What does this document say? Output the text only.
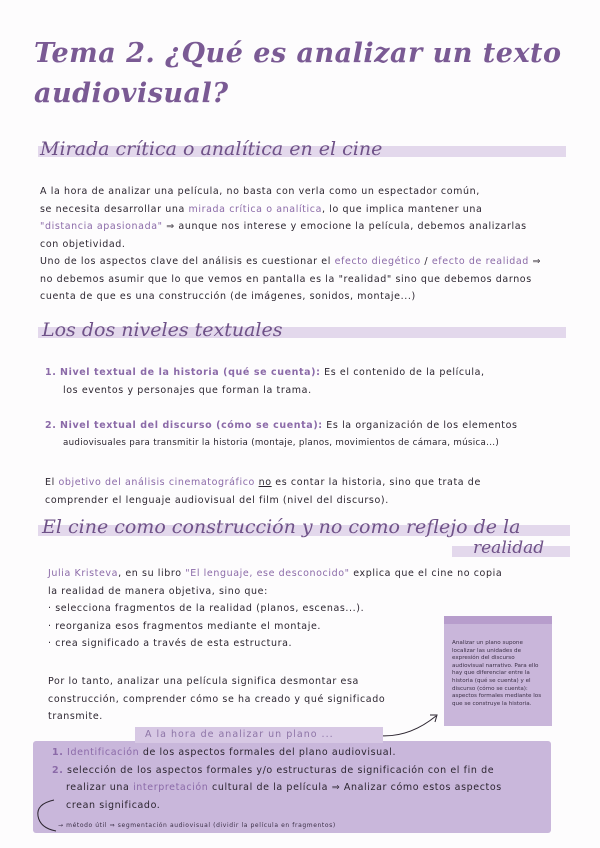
Tema 2. ¿Qué es analizar un texto
audiovisual?
Mirada crítica o analítica en el cine
A la hora de analizar una película, no basta con verla como un espectador común,
se necesita desarrollar una mirada crítica o analítica, lo que implica mantener una
"distancia apasionada" ⇒ aunque nos interese y emocione la película, debemos analizarlas
con objetividad.
Uno de los aspectos clave del análisis es cuestionar el efecto diegético / efecto de realidad ⇒
no debemos asumir que lo que vemos en pantalla es la "realidad" sino que debemos darnos
cuenta de que es una construcción (de imágenes, sonidos, montaje...)
Los dos niveles textuales
1. Nivel textual de la historia (qué se cuenta): Es el contenido de la película,
los eventos y personajes que forman la trama.
2. Nivel textual del discurso (cómo se cuenta): Es la organización de los elementos
audiovisuales para transmitir la historia (montaje, planos, movimientos de cámara, música...)
El objetivo del análisis cinematográfico no es contar la historia, sino que trata de
comprender el lenguaje audiovisual del film (nivel del discurso).
El cine como construcción y no como reflejo de la
realidad
Julia Kristeva, en su libro "El lenguaje, ese desconocido" explica que el cine no copia
la realidad de manera objetiva, sino que:
· selecciona fragmentos de la realidad (planos, escenas...).
· reorganiza esos fragmentos mediante el montaje.
· crea significado a través de esta estructura.
Por lo tanto, analizar una película significa desmontar esa
construcción, comprender cómo se ha creado y qué significado
transmite.
Analizar un plano supone localizar las unidades de expresión del discurso audiovisual narrativo. Para ello hay que diferenciar entre la historia (qué se cuenta) y el discurso (cómo se cuenta): aspectos formales mediante los que se construye la historia.
A la hora de analizar un plano ...
1. Identificación de los aspectos formales del plano audiovisual.
2. selección de los aspectos formales y/o estructuras de significación con el fin de
realizar una interpretación cultural de la película ⇒ Analizar cómo estos aspectos
crean significado.
→ método útil ⇒ segmentación audiovisual (dividir la película en fragmentos)
